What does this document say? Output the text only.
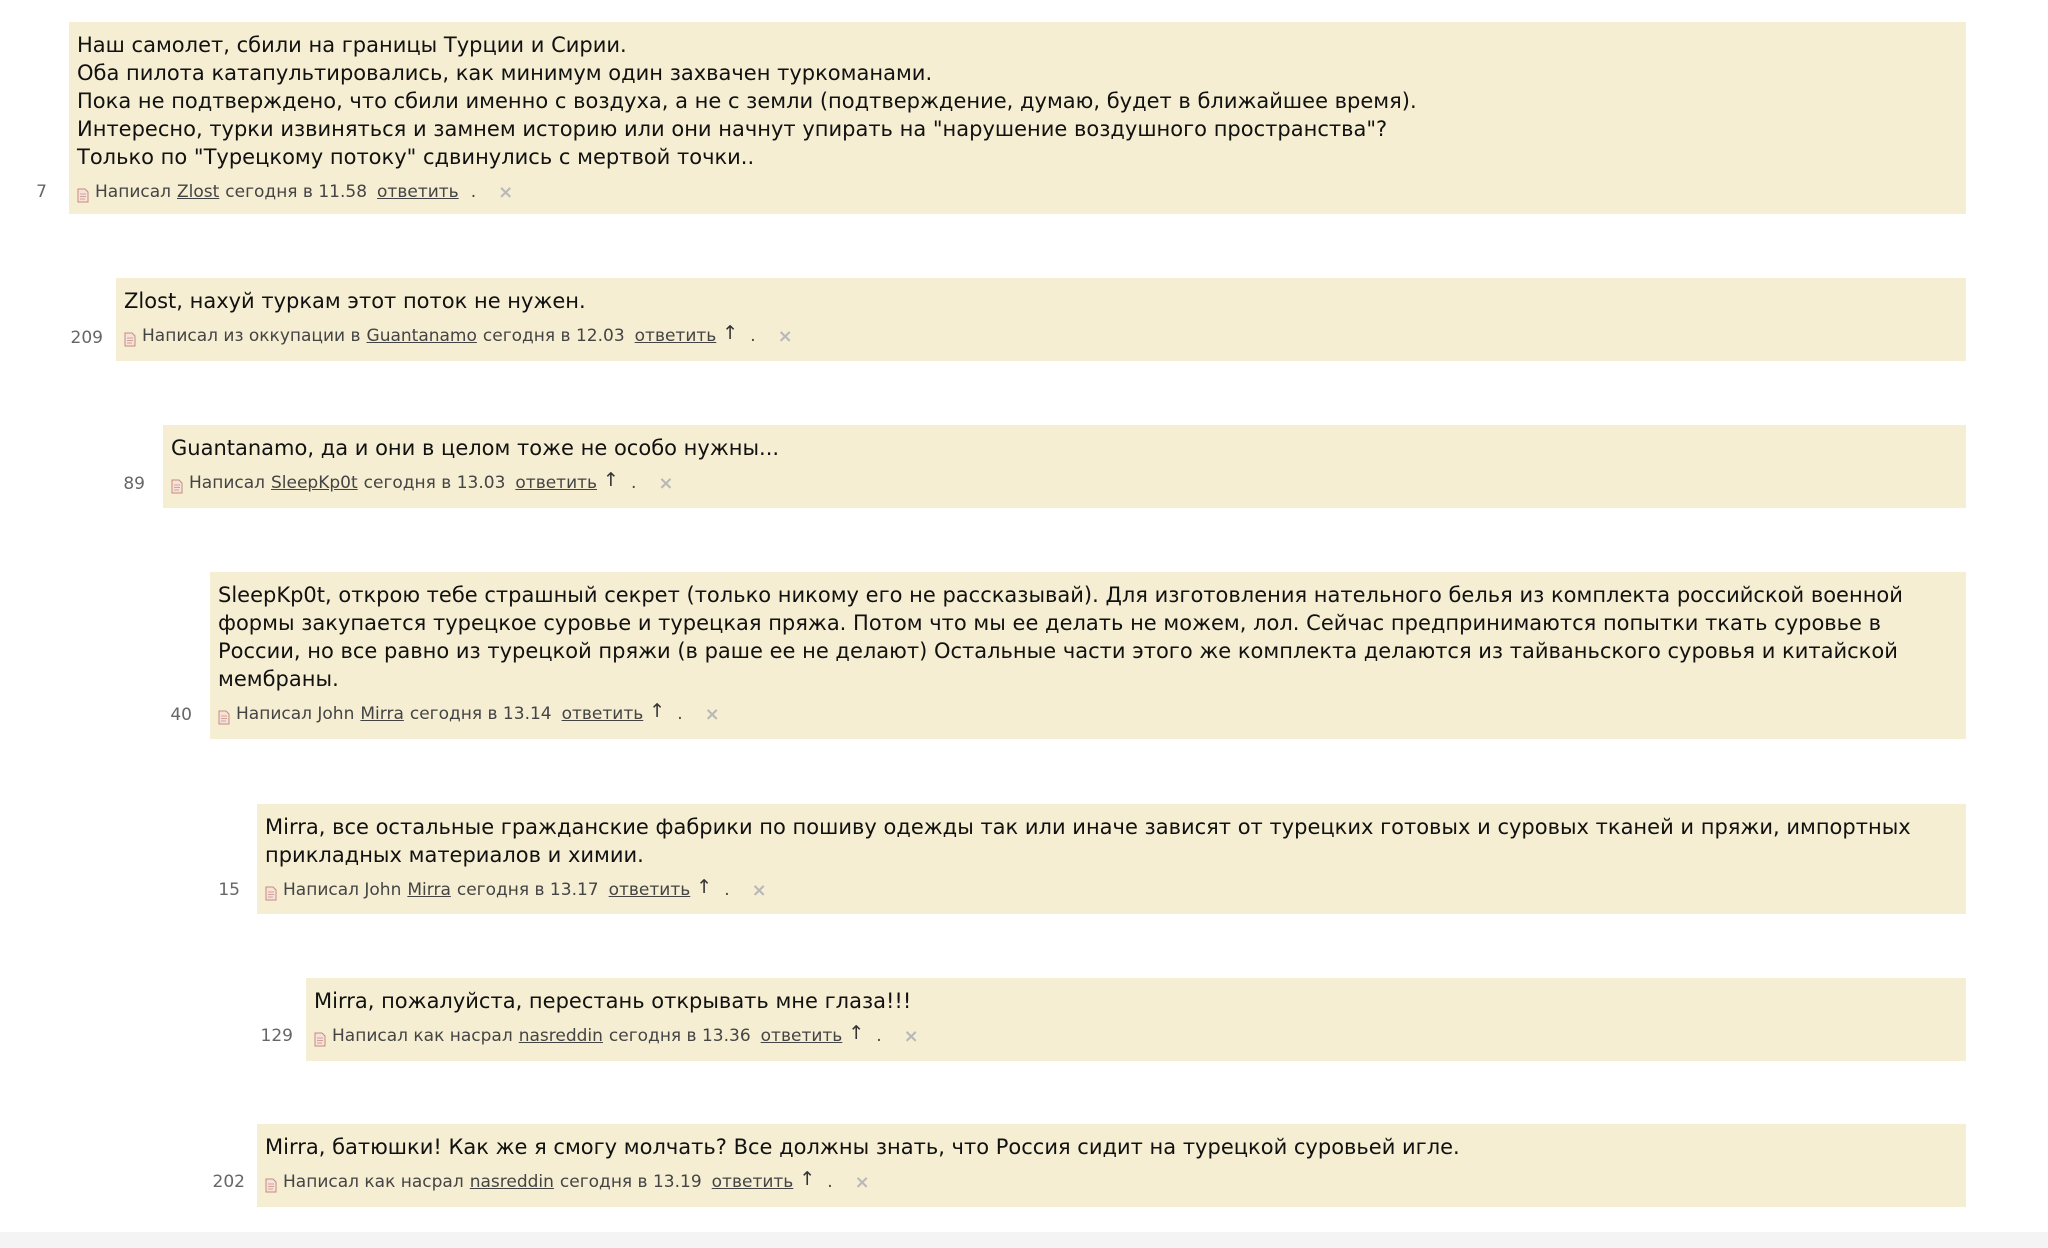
7
Наш самолет, сбили на границы Турции и Сирии.
Оба пилота катапультировались, как минимум один захвачен туркоманами.
Пока не подтверждено, что сбили именно с воздуха, а не с земли (подтверждение, думаю, будет в ближайшее время).
Интересно, турки извиняться и замнем историю или они начнут упирать на "нарушение воздушного пространства"?
Только по "Турецкому потоку" сдвинулись с мертвой точки..
Написал Zlost сегодня в 11.58 ответить . ×
209
Zlost, нахуй туркам этот поток не нужен.
Написал из оккупации в Guantanamo сегодня в 12.03 ответить ↑ . ×
89
Guantanamo, да и они в целом тоже не особо нужны...
Написал SleepKp0t сегодня в 13.03 ответить ↑ . ×
40
SleepKp0t, открою тебе страшный секрет (только никому его не рассказывай). Для изготовления нательного белья из комплекта российской военной формы закупается турецкое суровье и турецкая пряжа. Потом что мы ее делать не можем, лол. Сейчас предпринимаются попытки ткать суровье в России, но все равно из турецкой пряжи (в раше ее не делают) Остальные части этого же комплекта делаются из тайваньского суровья и китайской мембраны.
Написал John Mirra сегодня в 13.14 ответить ↑ . ×
15
Mirra, все остальные гражданские фабрики по пошиву одежды так или иначе зависят от турецких готовых и суровых тканей и пряжи, импортных прикладных материалов и химии.
Написал John Mirra сегодня в 13.17 ответить ↑ . ×
129
Mirra, пожалуйста, перестань открывать мне глаза!!!
Написал как насрал nasreddin сегодня в 13.36 ответить ↑ . ×
202
Mirra, батюшки! Как же я смогу молчать? Все должны знать, что Россия сидит на турецкой суровьей игле.
Написал как насрал nasreddin сегодня в 13.19 ответить ↑ . ×
